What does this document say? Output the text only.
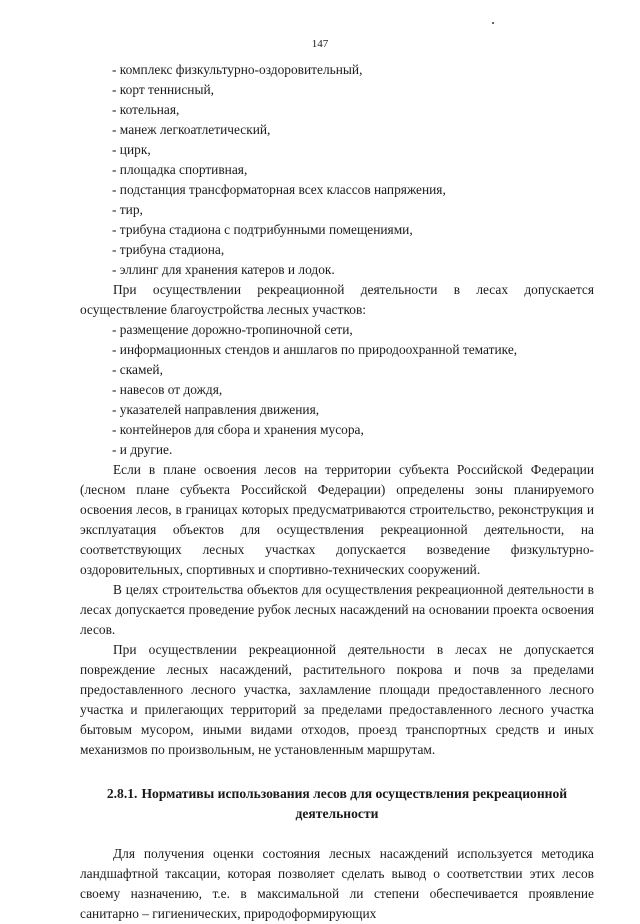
147
- комплекс физкультурно-оздоровительный,
- корт теннисный,
- котельная,
- манеж легкоатлетический,
- цирк,
- площадка спортивная,
- подстанция трансформаторная всех классов напряжения,
- тир,
- трибуна стадиона с подтрибунными помещениями,
- трибуна стадиона,
- эллинг для хранения катеров и лодок.

При осуществлении рекреационной деятельности в лесах допускается осуществление благоустройства лесных участков:

- размещение дорожно-тропиночной сети,
- информационных стендов и аншлагов по природоохранной тематике,
- скамей,
- навесов от дождя,
- указателей направления движения,
- контейнеров для сбора и хранения мусора,
- и другие.

Если в плане освоения лесов на территории субъекта Российской Федерации (лесном плане субъекта Российской Федерации) определены зоны планируемого освоения лесов, в границах которых предусматриваются строительство, реконструкция и эксплуатация объектов для осуществления рекреационной деятельности, на соответствующих лесных участках допускается возведение физкультурно-оздоровительных, спортивных и спортивно-технических сооружений.

В целях строительства объектов для осуществления рекреационной деятельности в лесах допускается проведение рубок лесных насаждений на основании проекта освоения лесов.

При осуществлении рекреационной деятельности в лесах не допускается повреждение лесных насаждений, растительного покрова и почв за пределами предоставленного лесного участка, захламление площади предоставленного лесного участка и прилегающих территорий за пределами предоставленного лесного участка бытовым мусором, иными видами отходов, проезд транспортных средств и иных механизмов по произвольным, не установленным маршрутам.

2.8.1. Нормативы использования лесов для осуществления рекреационной деятельности

Для получения оценки состояния лесных насаждений используется методика ландшафтной таксации, которая позволяет сделать вывод о соответствии этих лесов своему назначению, т.е. в максимальной ли степени обеспечивается проявление санитарно – гигиенических, природоформирующих
